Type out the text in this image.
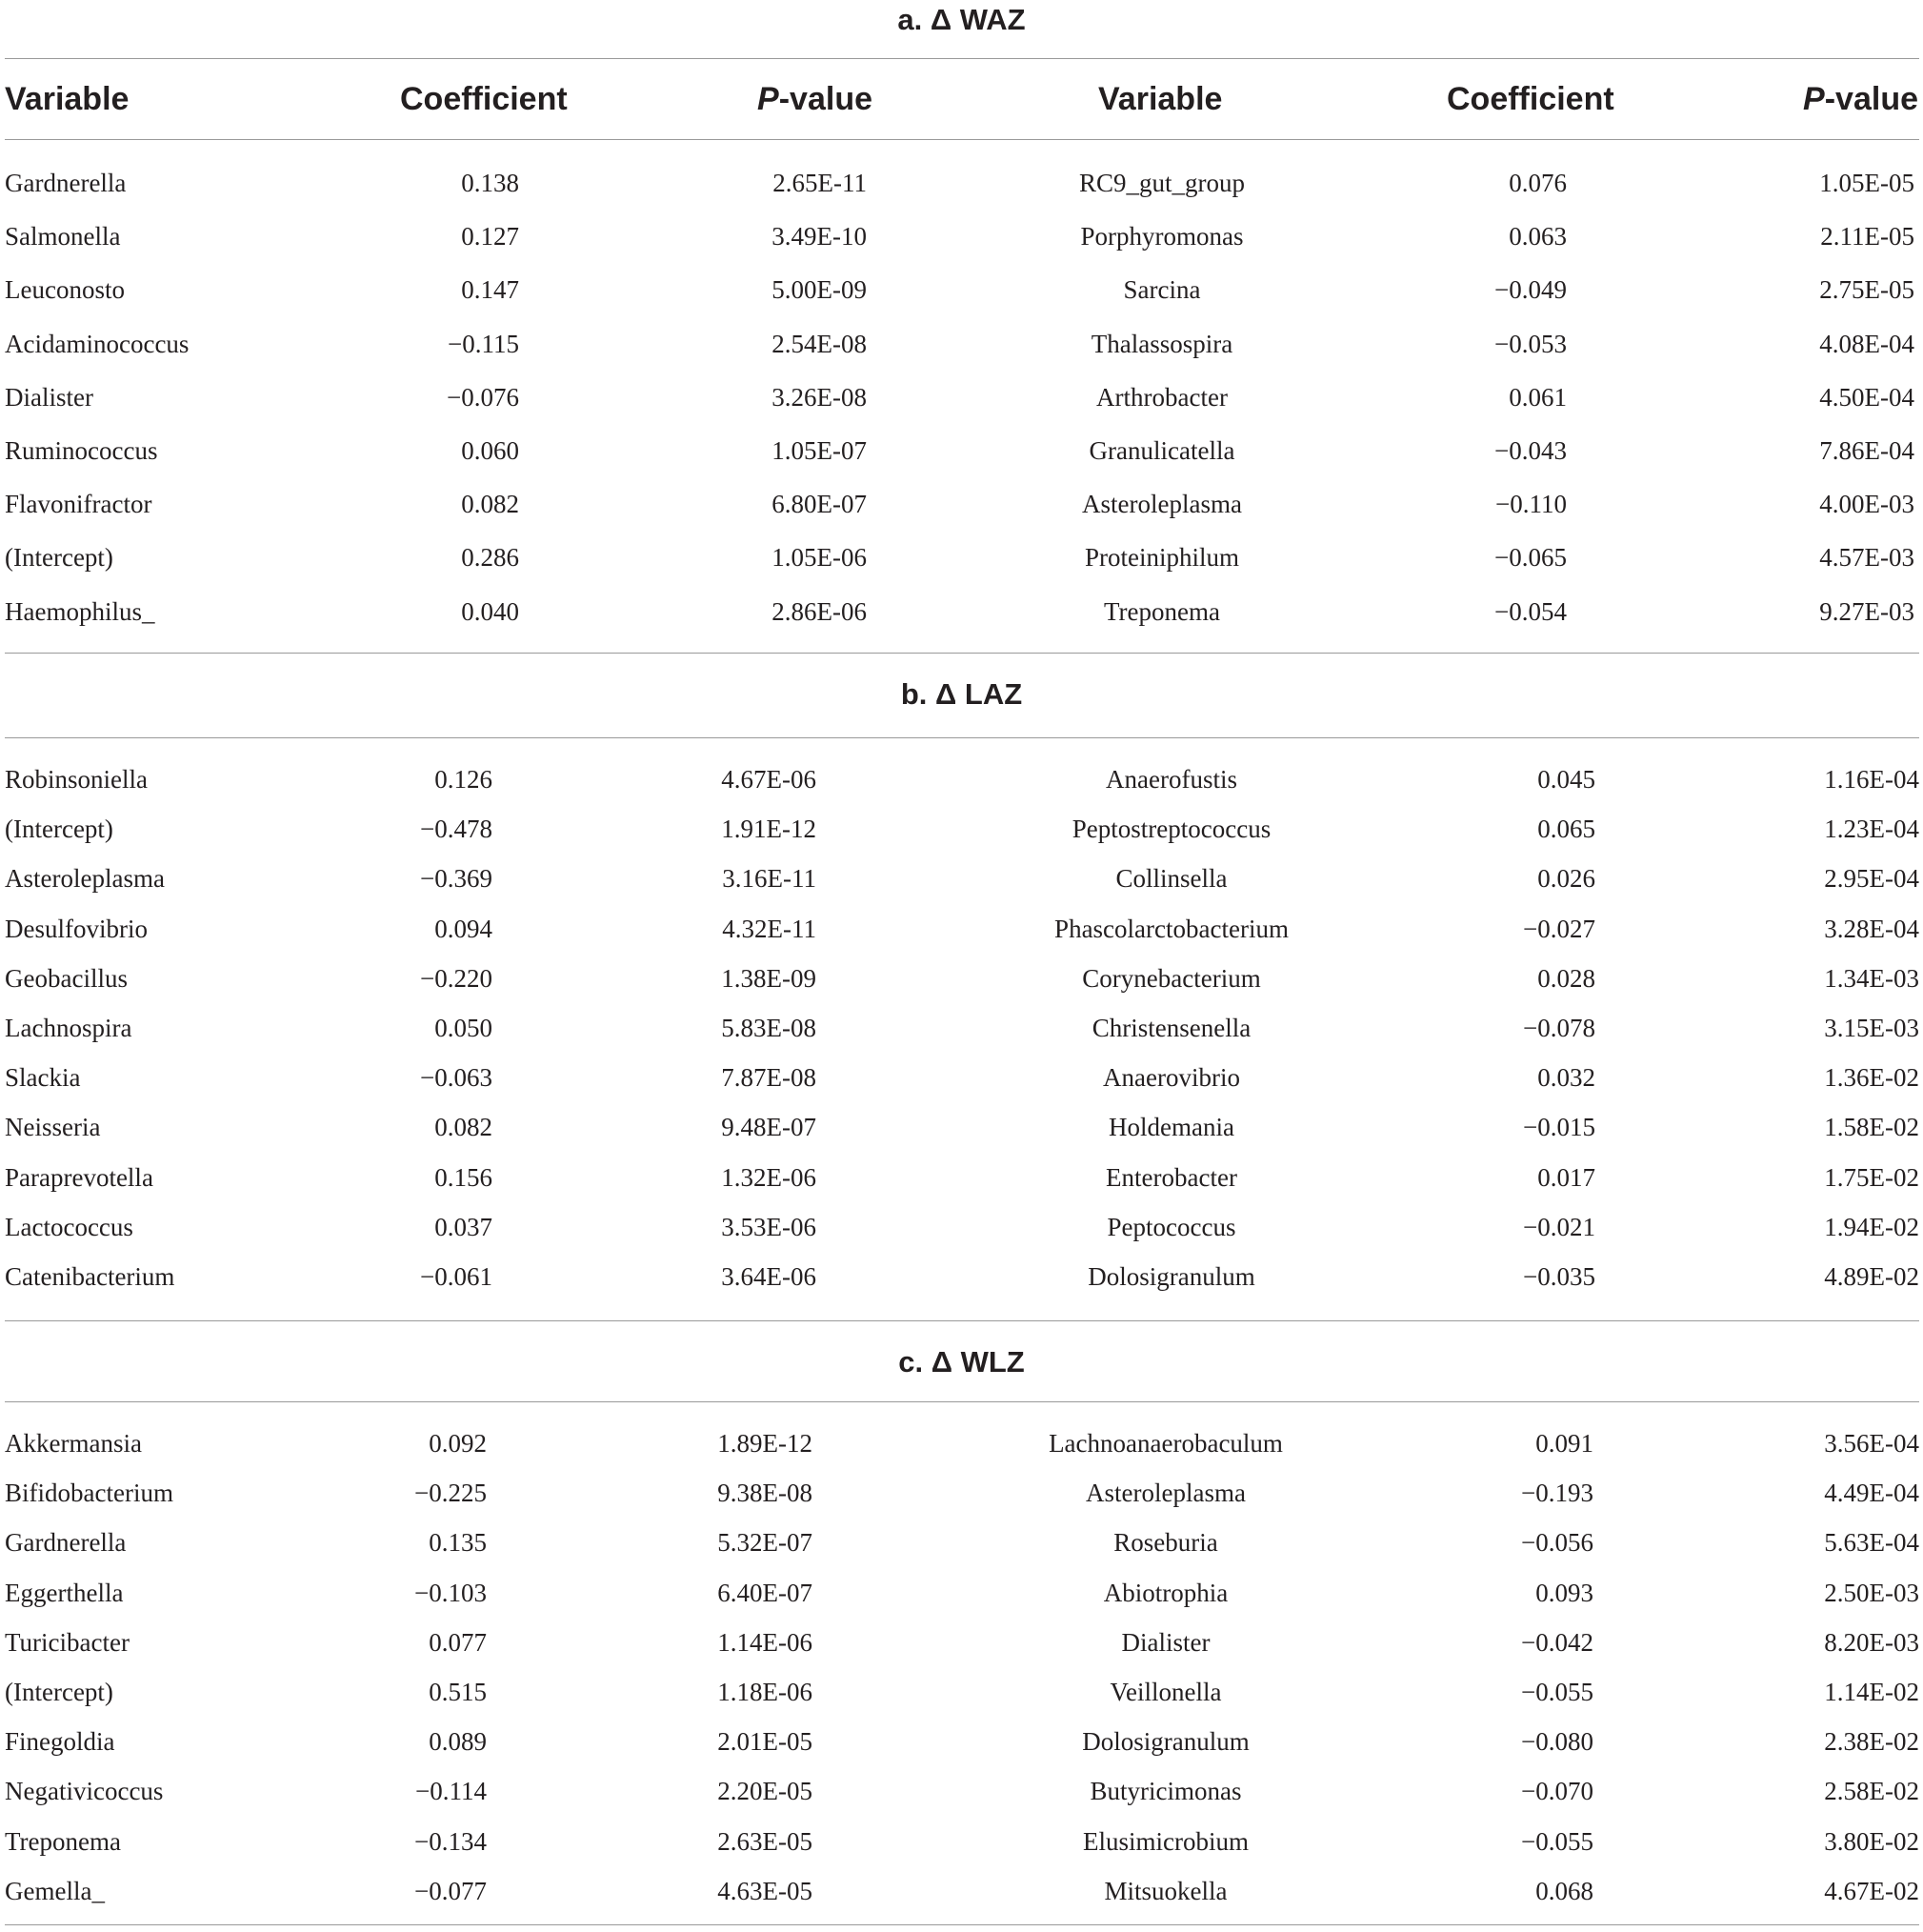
Variable	Coefficient	P-value	Variable	Coefficient	P-value
a. Δ WAZ
Gardnerella	0.138	2.65E-11	RC9_gut_group	0.076	1.05E-05
Salmonella	0.127	3.49E-10	Porphyromonas	0.063	2.11E-05
Leuconosto	0.147	5.00E-09	Sarcina	−0.049	2.75E-05
Acidaminococcus	−0.115	2.54E-08	Thalassospira	−0.053	4.08E-04
Dialister	−0.076	3.26E-08	Arthrobacter	0.061	4.50E-04
Ruminococcus	0.060	1.05E-07	Granulicatella	−0.043	7.86E-04
Flavonifractor	0.082	6.80E-07	Asteroleplasma	−0.110	4.00E-03
(Intercept)	0.286	1.05E-06	Proteiniphilum	−0.065	4.57E-03
Haemophilus_	0.040	2.86E-06	Treponema	−0.054	9.27E-03
b. Δ LAZ
Robinsoniella	0.126	4.67E-06	Anaerofustis	0.045	1.16E-04
(Intercept)	−0.478	1.91E-12	Peptostreptococcus	0.065	1.23E-04
Asteroleplasma	−0.369	3.16E-11	Collinsella	0.026	2.95E-04
Desulfovibrio	0.094	4.32E-11	Phascolarctobacterium	−0.027	3.28E-04
Geobacillus	−0.220	1.38E-09	Corynebacterium	0.028	1.34E-03
Lachnospira	0.050	5.83E-08	Christensenella	−0.078	3.15E-03
Slackia	−0.063	7.87E-08	Anaerovibrio	0.032	1.36E-02
Neisseria	0.082	9.48E-07	Holdemania	−0.015	1.58E-02
Paraprevotella	0.156	1.32E-06	Enterobacter	0.017	1.75E-02
Lactococcus	0.037	3.53E-06	Peptococcus	−0.021	1.94E-02
Catenibacterium	−0.061	3.64E-06	Dolosigranulum	−0.035	4.89E-02
c. Δ WLZ
Akkermansia	0.092	1.89E-12	Lachnoanaerobaculum	0.091	3.56E-04
Bifidobacterium	−0.225	9.38E-08	Asteroleplasma	−0.193	4.49E-04
Gardnerella	0.135	5.32E-07	Roseburia	−0.056	5.63E-04
Eggerthella	−0.103	6.40E-07	Abiotrophia	0.093	2.50E-03
Turicibacter	0.077	1.14E-06	Dialister	−0.042	8.20E-03
(Intercept)	0.515	1.18E-06	Veillonella	−0.055	1.14E-02
Finegoldia	0.089	2.01E-05	Dolosigranulum	−0.080	2.38E-02
Negativicoccus	−0.114	2.20E-05	Butyricimonas	−0.070	2.58E-02
Treponema	−0.134	2.63E-05	Elusimicrobium	−0.055	3.80E-02
Gemella_	−0.077	4.63E-05	Mitsuokella	0.068	4.67E-02
